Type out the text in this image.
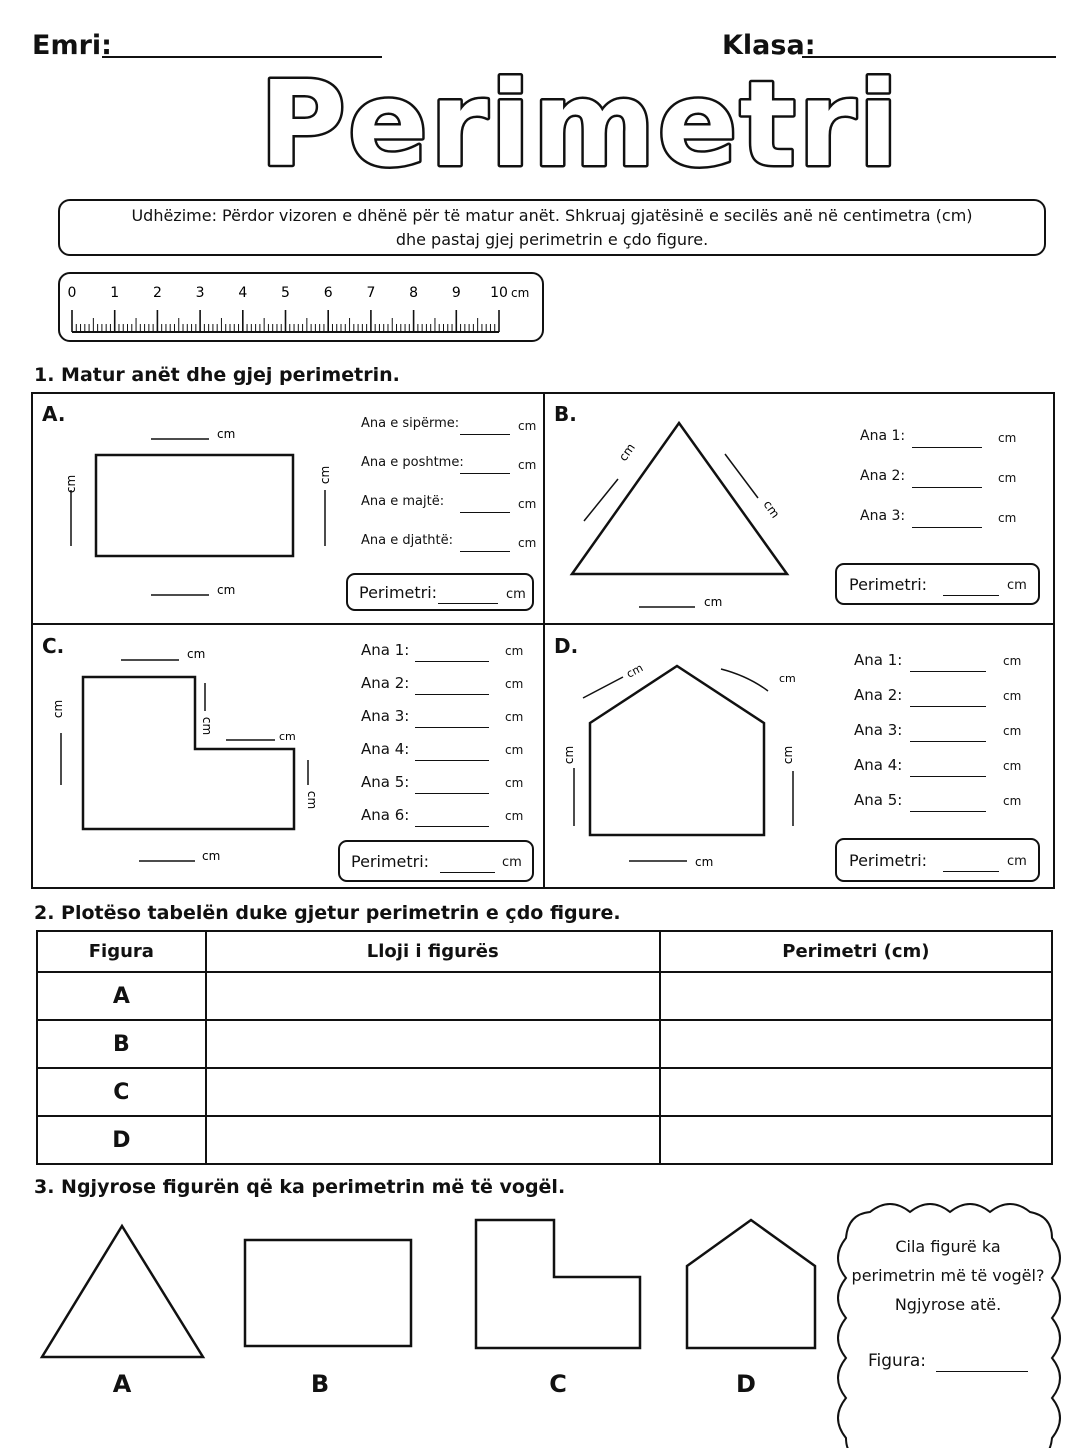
Emri:	Klasa:
Perimetri
Udhëzime: Përdor vizoren e dhënë për të matur anët. Shkruaj gjatësinë e secilës anë në centimetra (cm)
dhe pastaj gjej perimetrin e çdo figure.
0 1 2 3 4 5 6 7 8 9 10 cm
1. Matur anët dhe gjej perimetrin.
A.
cm
cm
cm	cm
Ana e sipërme:	cm
Ana e poshtme:	cm
Ana e majtë:	cm
Ana e djathtë:	cm
Perimetri:	cm
B.
cm
cm
cm
Ana 1:	cm
Ana 2:	cm
Ana 3:	cm
Perimetri:	cm
C.	cm
cm
cm
cm
cm
cm
Ana 1:	cm
Ana 2:	cm
Ana 3:	cm
Ana 4:	cm
Ana 5:	cm
Ana 6:	cm
Perimetri:	cm
D.
cm	cm
cm	cm
cm
Ana 1:	cm
Ana 2:	cm
Ana 3:	cm
Ana 4:	cm
Ana 5:	cm
Perimetri:	cm
2. Plotëso tabelën duke gjetur perimetrin e çdo figure.
Figura	Lloji i figurës	Perimetri (cm)
A		
B		
C		
D		
3. Ngjyrose figurën që ka perimetrin më të vogël.
A	B	C	D
Cila figurë ka
perimetrin më të vogël?
Ngjyrose atë.
Figura:
